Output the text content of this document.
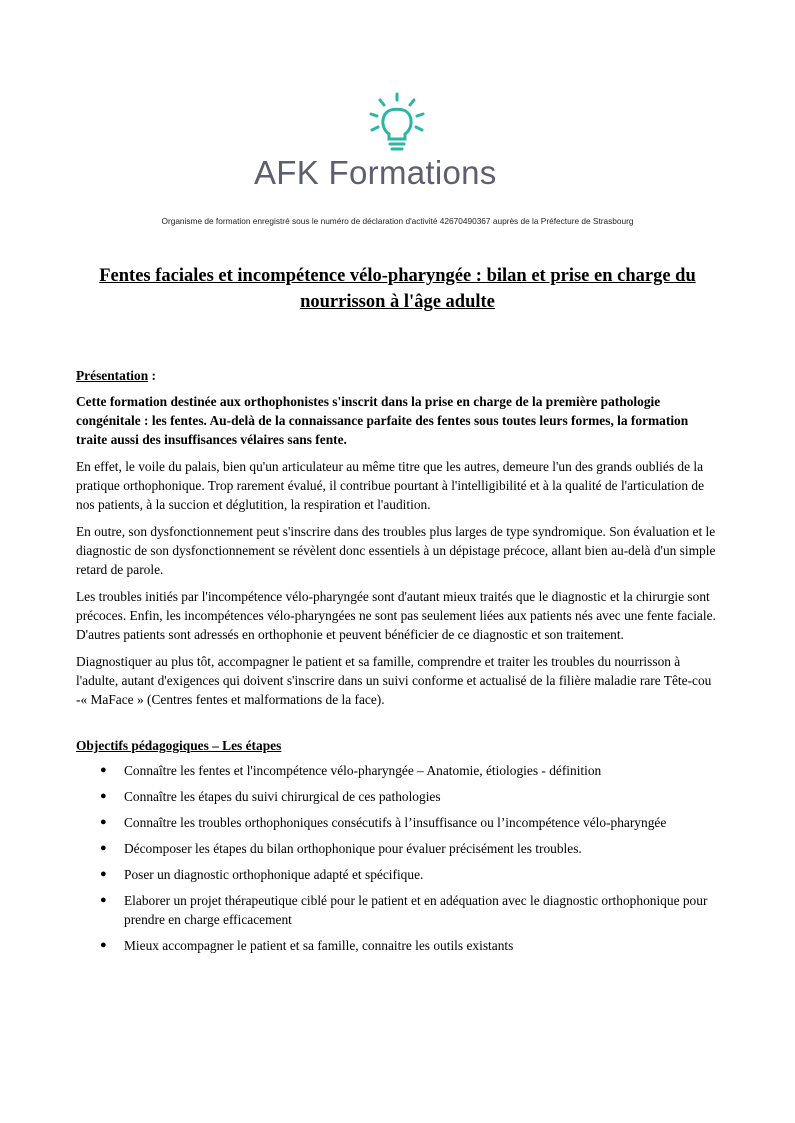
AFK Formations
Organisme de formation enregistré sous le numéro de déclaration d'activité 42670490367 auprès de la Préfecture de Strasbourg
Fentes faciales et incompétence vélo-pharyngée : bilan et prise en charge du nourrisson à l'âge adulte
Présentation :

Cette formation destinée aux orthophonistes s'inscrit dans la prise en charge de la première pathologie congénitale : les fentes. Au-delà de la connaissance parfaite des fentes sous toutes leurs formes, la formation traite aussi des insuffisances vélaires sans fente.

En effet, le voile du palais, bien qu'un articulateur au même titre que les autres, demeure l'un des grands oubliés de la pratique orthophonique. Trop rarement évalué, il contribue pourtant à l'intelligibilité et à la qualité de l'articulation de nos patients, à la succion et déglutition, la respiration et l'audition.

En outre, son dysfonctionnement peut s'inscrire dans des troubles plus larges de type syndromique. Son évaluation et le diagnostic de son dysfonctionnement se révèlent donc essentiels à un dépistage précoce, allant bien au-delà d'un simple retard de parole.

Les troubles initiés par l'incompétence vélo-pharyngée sont d'autant mieux traités que le diagnostic et la chirurgie sont précoces. Enfin, les incompétences vélo-pharyngées ne sont pas seulement liées aux patients nés avec une fente faciale. D'autres patients sont adressés en orthophonie et peuvent bénéficier de ce diagnostic et son traitement.

Diagnostiquer au plus tôt, accompagner le patient et sa famille, comprendre et traiter les troubles du nourrisson à l'adulte, autant d'exigences qui doivent s'inscrire dans un suivi conforme et actualisé de la filière maladie rare Tête-cou -« MaFace » (Centres fentes et malformations de la face).

Objectifs pédagogiques – Les étapes
● Connaître les fentes et l'incompétence vélo-pharyngée – Anatomie, étiologies - définition
● Connaître les étapes du suivi chirurgical de ces pathologies
● Connaître les troubles orthophoniques consécutifs à l’insuffisance ou l’incompétence vélo-pharyngée
● Décomposer les étapes du bilan orthophonique pour évaluer précisément les troubles.
● Poser un diagnostic orthophonique adapté et spécifique.
● Elaborer un projet thérapeutique ciblé pour le patient et en adéquation avec le diagnostic orthophonique pour prendre en charge efficacement
● Mieux accompagner le patient et sa famille, connaitre les outils existants
